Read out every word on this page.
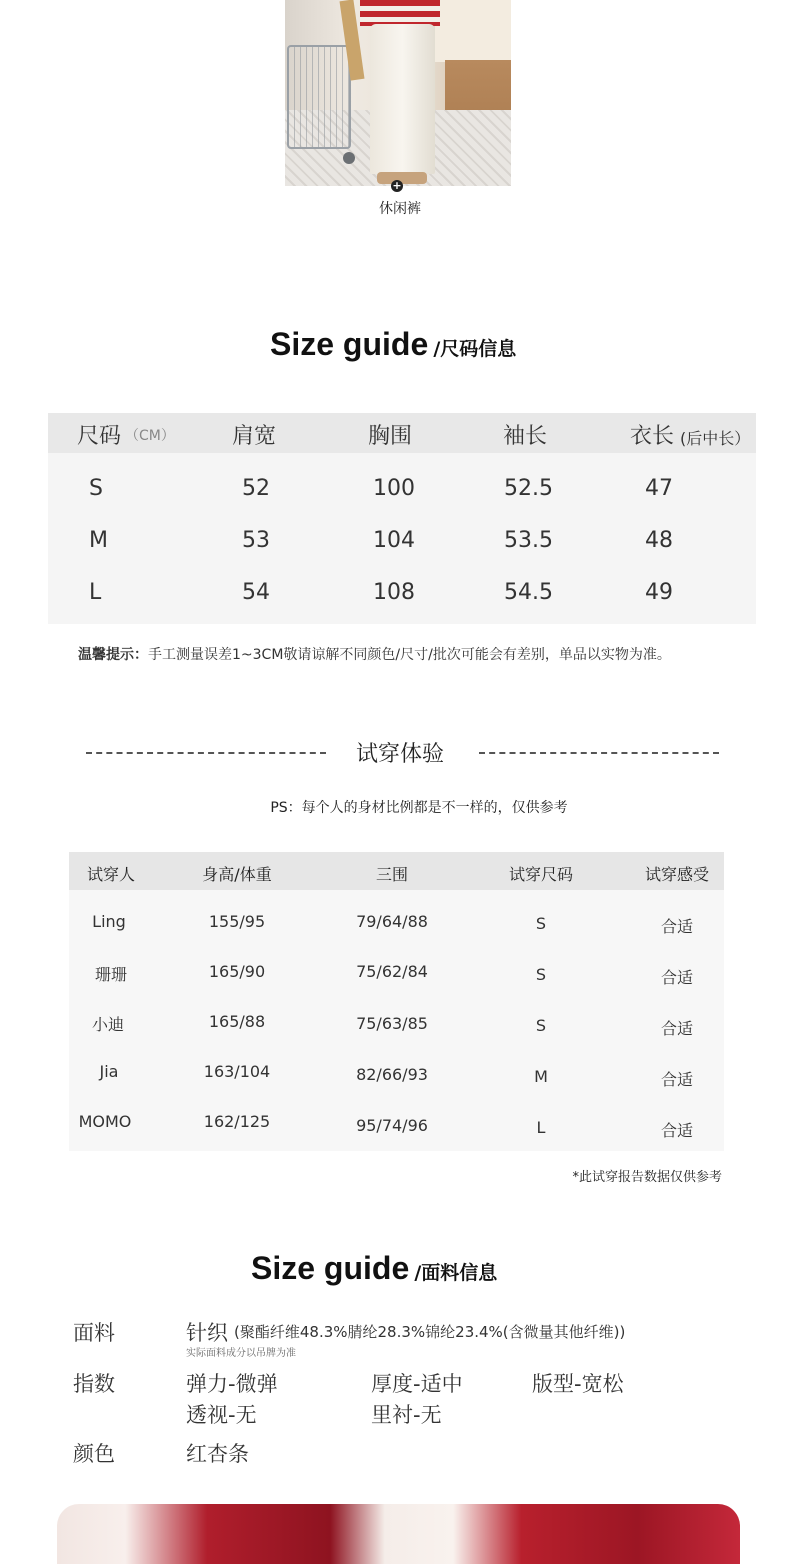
+
休闲裤
Size guide /尺码信息
尺码 （CM）	肩宽	胸围	袖长	衣长 (后中长）
S	52	100	52.5	47
M	53	104	53.5	48
L	54	108	54.5	49
温馨提示：手工测量误差1~3CM敬请谅解不同颜色/尺寸/批次可能会有差别，单品以实物为准。
试穿体验
PS：每个人的身材比例都是不一样的，仅供参考
试穿人	身高/体重	三围	试穿尺码	试穿感受
Ling	155/95	79/64/88	S	合适
珊珊	165/90	75/62/84	S	合适
小迪	165/88	75/63/85	S	合适
Jia	163/104	82/66/93	M	合适
MOMO	162/125	95/74/96	L	合适
*此试穿报告数据仅供参考
Size guide /面料信息
面料	针织 (聚酯纤维48.3%腈纶28.3%锦纶23.4%(含微量其他纤维))
实际面料成分以吊牌为准
指数	弹力-微弹	厚度-适中	版型-宽松
透视-无	里衬-无
颜色	红杏条
